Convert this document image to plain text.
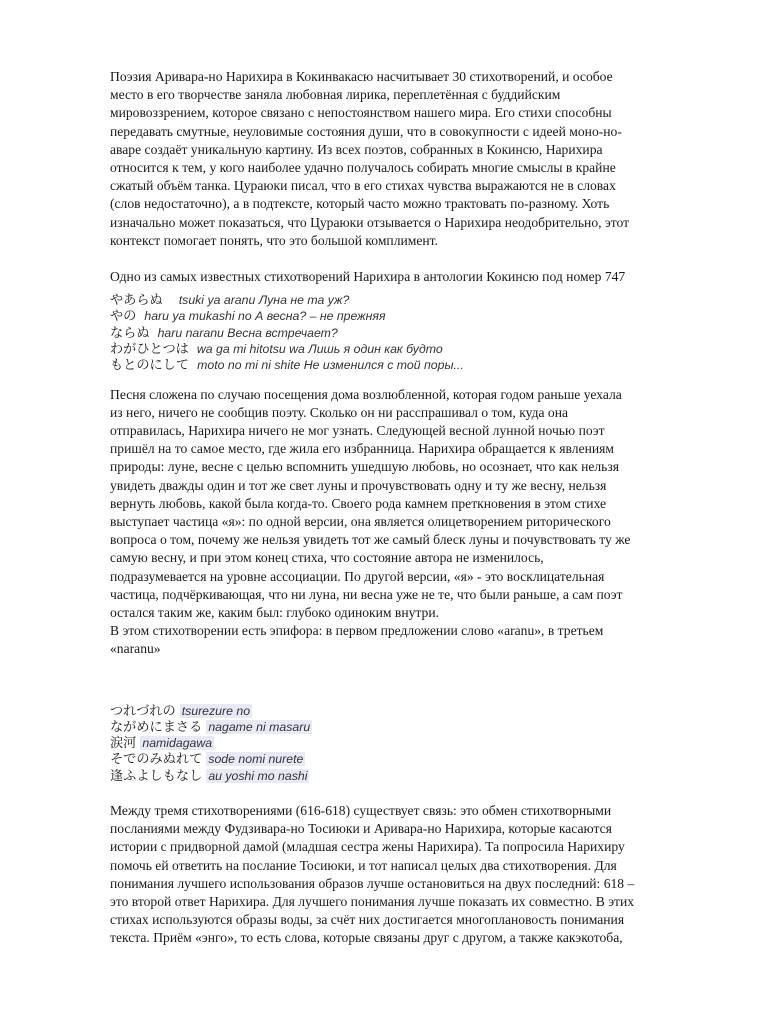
Поэзия Аривара-но Нарихира в Кокинвакасю насчитывает 30 стихотворений, и особое
место в его творчестве заняла любовная лирика, переплетённая с буддийским
мировоззрением, которое связано с непостоянством нашего мира. Его стихи способны
передавать смутные, неуловимые состояния души, что в совокупности с идеей моно-но-
аваре создаёт уникальную картину. Из всех поэтов, собранных в Кокинсю, Нарихира
относится к тем, у кого наиболее удачно получалось собирать многие смыслы в крайне
сжатый объём танка. Цураюки писал, что в его стихах чувства выражаются не в словах
(слов недостаточно), а в подтексте, который часто можно трактовать по-разному. Хоть
изначально может показаться, что Цураюки отзывается о Нарихира неодобрительно, этот
контекст помогает понять, что это большой комплимент.
Одно из самых известных стихотворений Нарихира в антологии Кокинсю под номер 747
やあらぬ tsuki ya aranu Луна не та уж?
やの haru ya mukashi no А весна? – не прежняя
ならぬ haru naranu Весна встречает?
わがひとつは wa ga mi hitotsu wa Лишь я один как будто
もとのにして moto no mi ni shite Не изменился с той поры...
Песня сложена по случаю посещения дома возлюбленной, которая годом раньше уехала
из него, ничего не сообщив поэту. Сколько он ни расспрашивал о том, куда она
отправилась, Нарихира ничего не мог узнать. Следующей весной лунной ночью поэт
пришёл на то самое место, где жила его избранница. Нарихира обращается к явлениям
природы: луне, весне с целью вспомнить ушедшую любовь, но осознает, что как нельзя
увидеть дважды один и тот же свет луны и прочувствовать одну и ту же весну, нельзя
вернуть любовь, какой была когда-то. Своего рода камнем преткновения в этом стихе
выступает частица «я»: по одной версии, она является олицетворением риторического
вопроса о том, почему же нельзя увидеть тот же самый блеск луны и почувствовать ту же
самую весну, и при этом конец стиха, что состояние автора не изменилось,
подразумевается на уровне ассоциации. По другой версии, «я» - это восклицательная
частица, подчёркивающая, что ни луна, ни весна уже не те, что были раньше, а сам поэт
остался таким же, каким был: глубоко одиноким внутри.
В этом стихотворении есть эпифора: в первом предложении слово «aranu», в третьем
«naranu»
つれづれの tsurezure no
ながめにまさる nagame ni masaru
涙河 namidagawa
そでのみぬれて sode nomi nurete
逢ふよしもなし au yoshi mo nashi
Между тремя стихотворениями (616-618) существует связь: это обмен стихотворными
посланиями между Фудзивара-но Тосиюки и Аривара-но Нарихира, которые касаются
истории с придворной дамой (младшая сестра жены Нарихира). Та попросила Нарихиру
помочь ей ответить на послание Тосиюки, и тот написал целых два стихотворения. Для
понимания лучшего использования образов лучше остановиться на двух последний: 618 –
это второй ответ Нарихира. Для лучшего понимания лучше показать их совместно. В этих
стихах используются образы воды, за счёт них достигается многоплановость понимания
текста. Приём «энго», то есть слова, которые связаны друг с другом, а также какэкотоба,
